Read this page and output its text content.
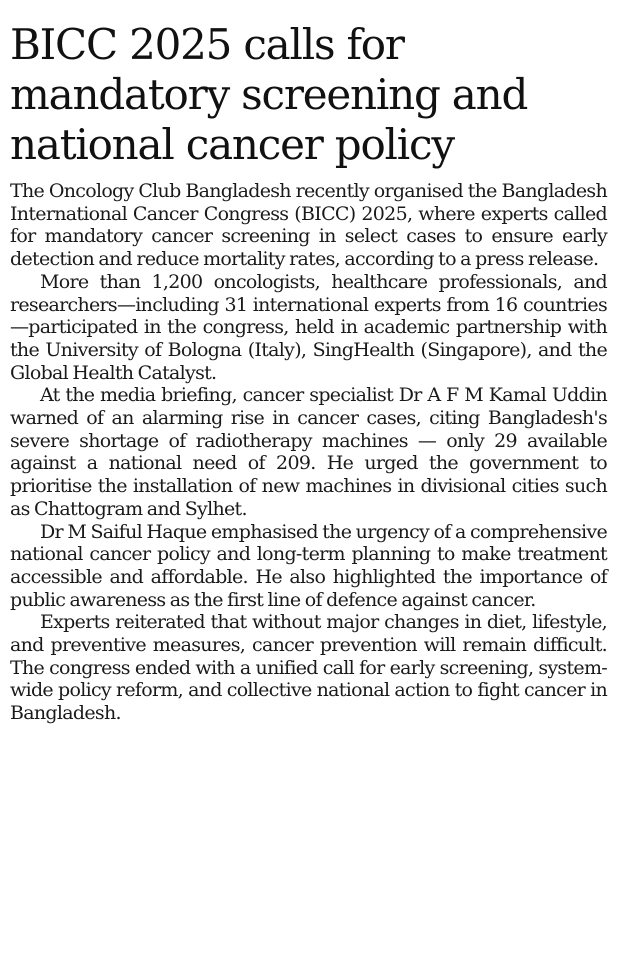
BICC 2025 calls for mandatory screening and national cancer policy

The Oncology Club Bangladesh recently organised the Bangladesh International Cancer Congress (BICC) 2025, where experts called for mandatory cancer screening in select cases to ensure early detection and reduce mortality rates, according to a press release.

More than 1,200 oncologists, healthcare professionals, and researchers—including 31 international experts from 16 countries—participated in the congress, held in academic partnership with the University of Bologna (Italy), SingHealth (Singapore), and the Global Health Catalyst.

At the media briefing, cancer specialist Dr A F M Kamal Uddin warned of an alarming rise in cancer cases, citing Bangladesh's severe shortage of radiotherapy machines — only 29 available against a national need of 209. He urged the government to prioritise the installation of new machines in divisional cities such as Chattogram and Sylhet.

Dr M Saiful Haque emphasised the urgency of a comprehensive national cancer policy and long-term planning to make treatment accessible and affordable. He also highlighted the importance of public awareness as the first line of defence against cancer.

Experts reiterated that without major changes in diet, lifestyle, and preventive measures, cancer prevention will remain difficult. The congress ended with a unified call for early screening, system-wide policy reform, and collective national action to fight cancer in Bangladesh.
